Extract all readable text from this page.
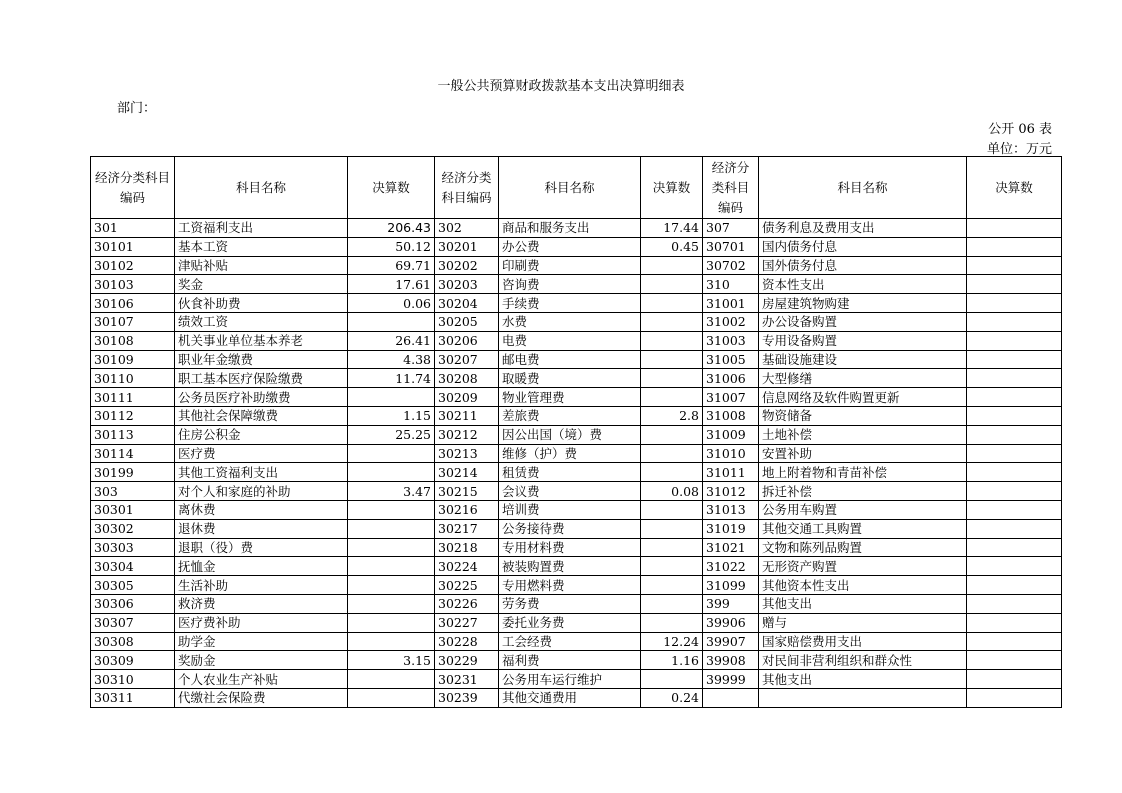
一般公共预算财政拨款基本支出决算明细表
部门：
公开 06 表
单位：万元
经济分类科目编码	科目名称	决算数	经济分类科目编码	科目名称	决算数	经济分类科目编码	科目名称	决算数
301	工资福利支出	206.43	302	商品和服务支出	17.44	307	债务利息及费用支出	
30101	基本工资	50.12	30201	办公费	0.45	30701	国内债务付息	
30102	津贴补贴	69.71	30202	印刷费		30702	国外债务付息	
30103	奖金	17.61	30203	咨询费		310	资本性支出	
30106	伙食补助费	0.06	30204	手续费		31001	房屋建筑物购建	
30107	绩效工资		30205	水费		31002	办公设备购置	
30108	机关事业单位基本养老	26.41	30206	电费		31003	专用设备购置	
30109	职业年金缴费	4.38	30207	邮电费		31005	基础设施建设	
30110	职工基本医疗保险缴费	11.74	30208	取暖费		31006	大型修缮	
30111	公务员医疗补助缴费		30209	物业管理费		31007	信息网络及软件购置更新	
30112	其他社会保障缴费	1.15	30211	差旅费	2.8	31008	物资储备	
30113	住房公积金	25.25	30212	因公出国（境）费		31009	土地补偿	
30114	医疗费		30213	维修（护）费		31010	安置补助	
30199	其他工资福利支出		30214	租赁费		31011	地上附着物和青苗补偿	
303	对个人和家庭的补助	3.47	30215	会议费	0.08	31012	拆迁补偿	
30301	离休费		30216	培训费		31013	公务用车购置	
30302	退休费		30217	公务接待费		31019	其他交通工具购置	
30303	退职（役）费		30218	专用材料费		31021	文物和陈列品购置	
30304	抚恤金		30224	被装购置费		31022	无形资产购置	
30305	生活补助		30225	专用燃料费		31099	其他资本性支出	
30306	救济费		30226	劳务费		399	其他支出	
30307	医疗费补助		30227	委托业务费		39906	赠与	
30308	助学金		30228	工会经费	12.24	39907	国家赔偿费用支出	
30309	奖励金	3.15	30229	福利费	1.16	39908	对民间非营利组织和群众性	
30310	个人农业生产补贴		30231	公务用车运行维护		39999	其他支出	
30311	代缴社会保险费		30239	其他交通费用	0.24			
